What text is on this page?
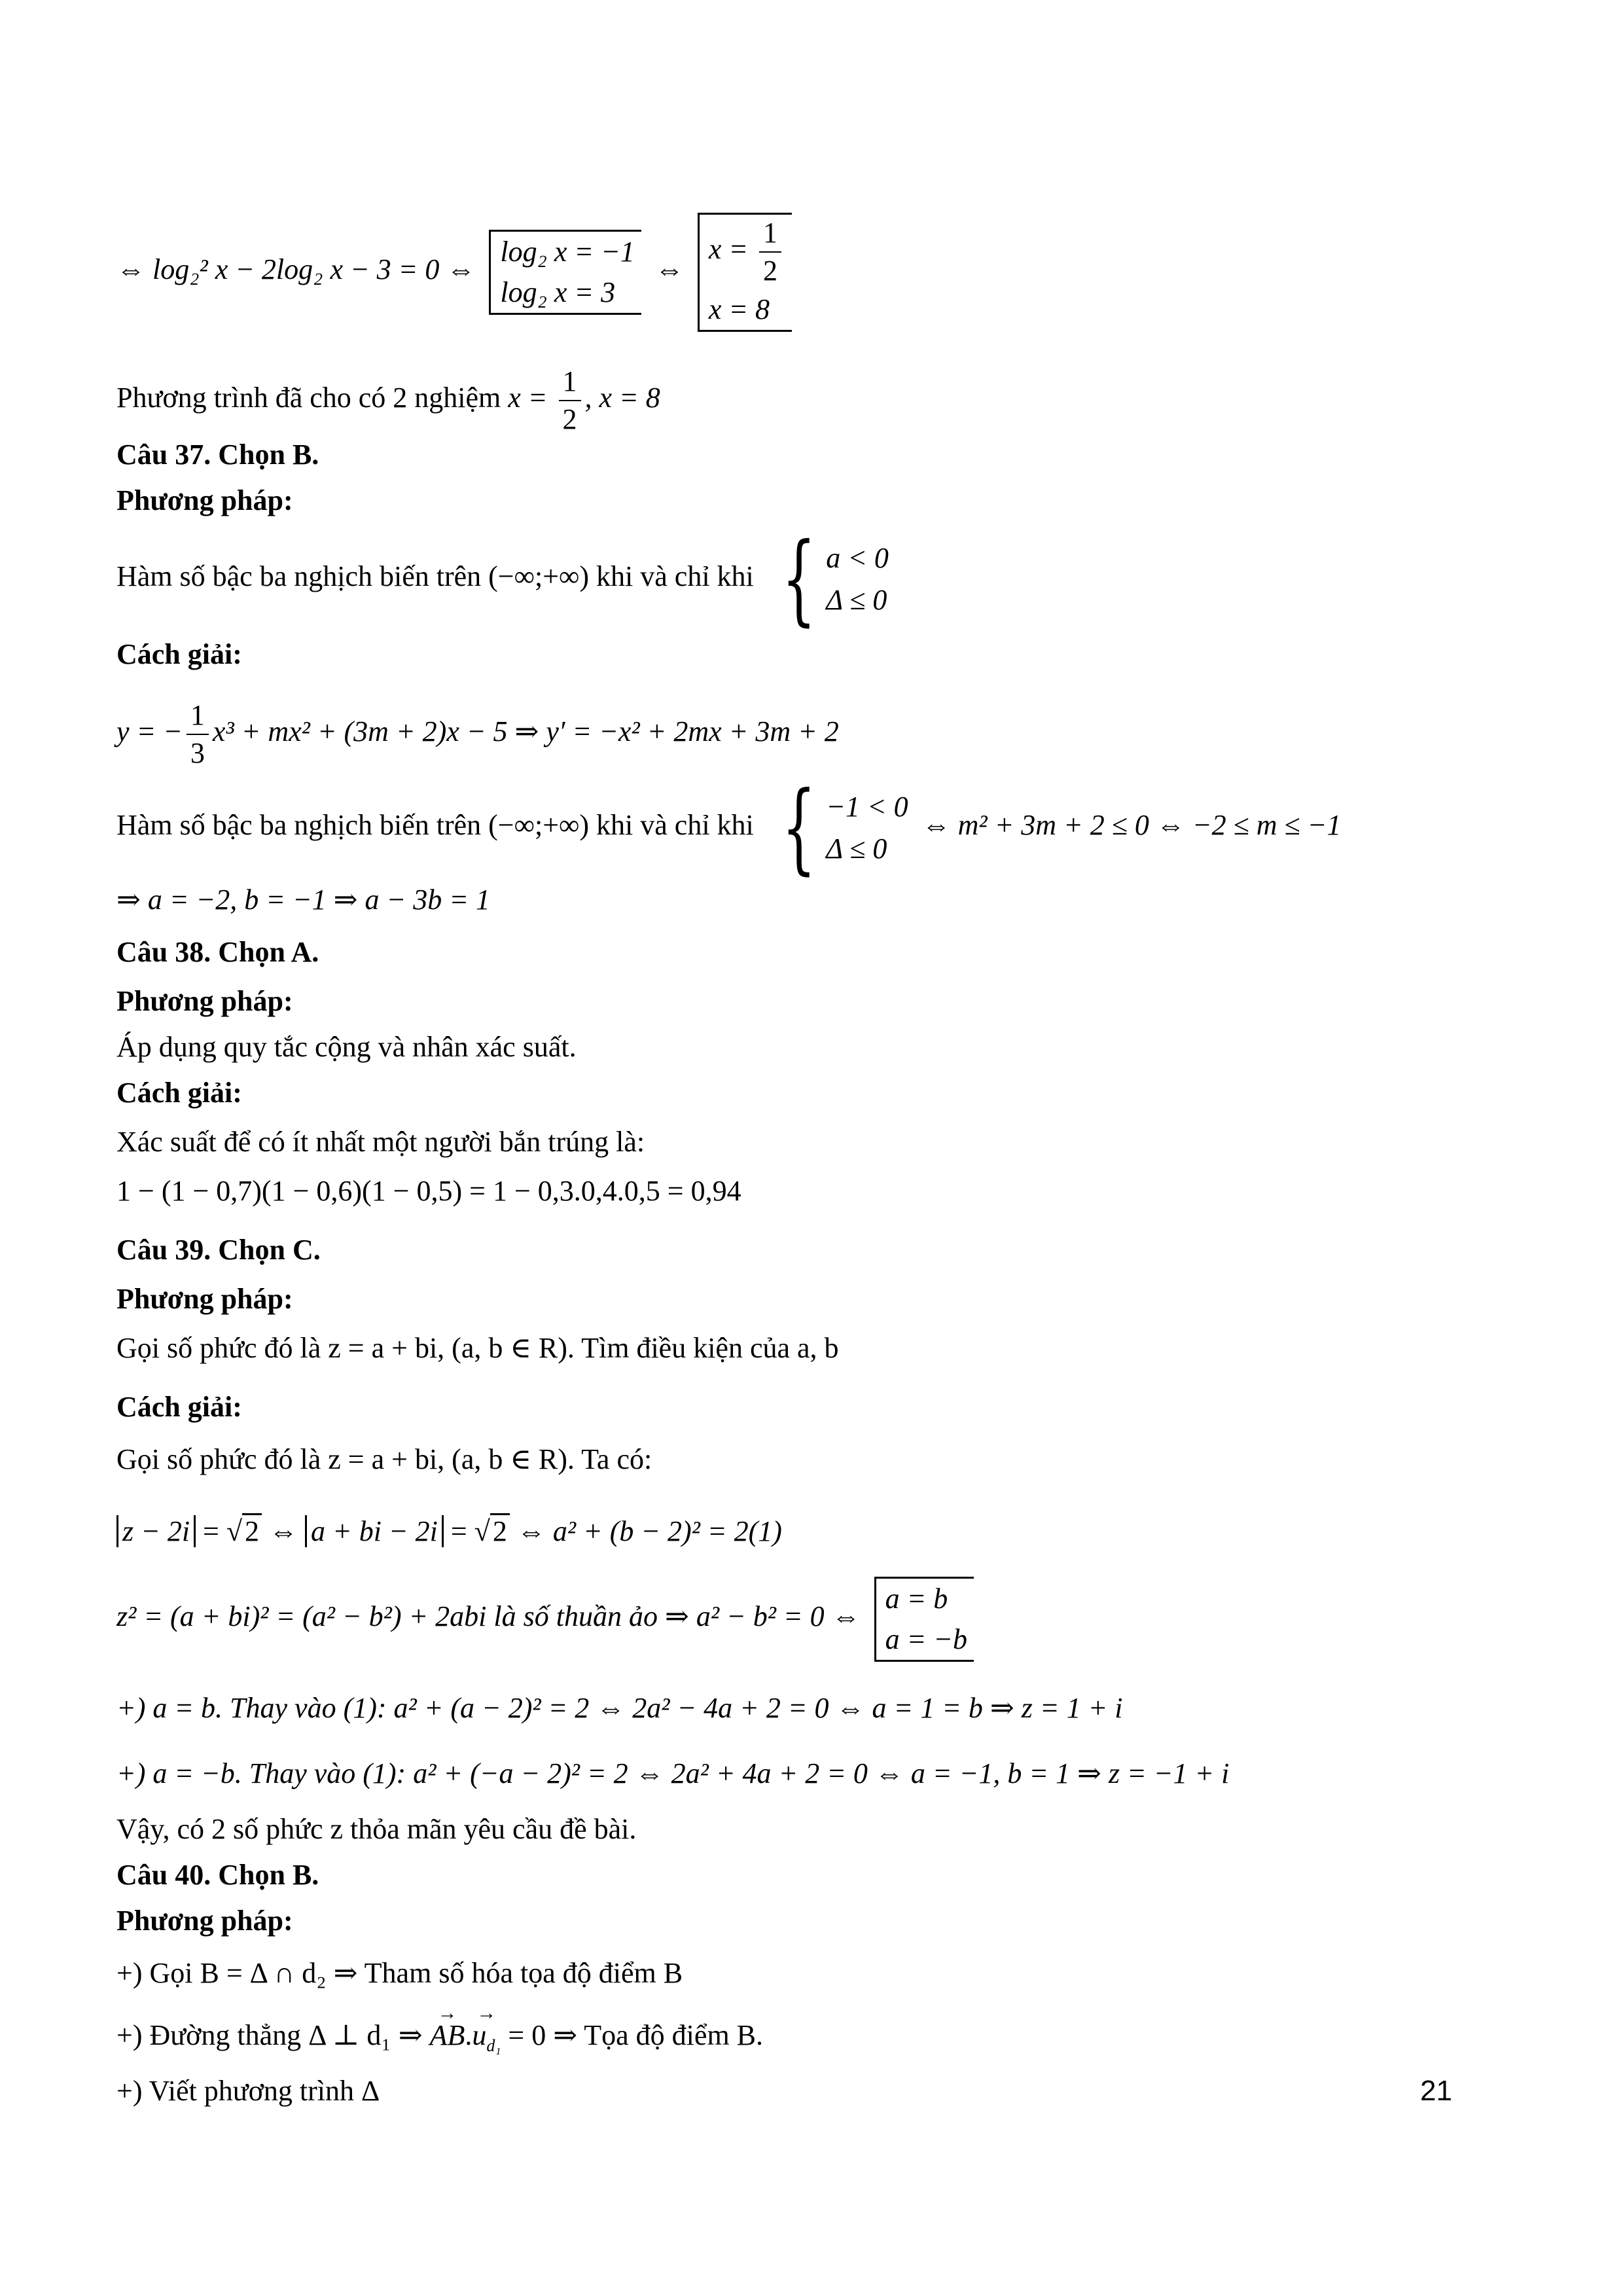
⇔ log₂² x − 2log₂ x − 3 = 0 ⇔
log₂ x = −1
log₂ x = 3
⇔
$x = \frac{1}{2}$
x = 8
Phương trình đã cho có 2 nghiệm $x = \frac{1}{2}$ , x = 8
Câu 37. Chọn B.
Phương pháp:
Hàm số bậc ba nghịch biến trên (−∞;+∞) khi và chỉ khi { a < 0
Δ ≤ 0
Cách giải:
y = − $\frac{1}{3} x^3 + mx^2 + (3m + 2)x - 5$ ⇒ y′ = −x² + 2mx + 3m + 2
Hàm số bậc ba nghịch biến trên (−∞;+∞) khi và chỉ khi { −1 < 0
Δ ≤ 0
⇔ m² + 3m + 2 ≤ 0 ⇔ −2 ≤ m ≤ −1
⇒ a = −2, b = −1 ⇒ a − 3b = 1
Câu 38. Chọn A.
Phương pháp:
Áp dụng quy tắc cộng và nhân xác suất.
Cách giải:
Xác suất để có ít nhất một người bắn trúng là:
1 − (1 − 0,7)(1 − 0,6)(1 − 0,5) = 1 − 0,3.0,4.0,5 = 0,94
Câu 39. Chọn C.
Phương pháp:
Gọi số phức đó là z = a + bi, (a, b ∈ R). Tìm điều kiện của a, b
Cách giải:
Gọi số phức đó là z = a + bi, (a, b ∈ R). Ta có:
z − 2i = √2 ⇔ a + bi − 2i = √2 ⇔ a² + (b − 2)² = 2(1)
z² = (a + bi)² = (a² − b²) + 2abi là số thuần ảo ⇒ a² − b² = 0 ⇔
a = b
a = −b
+) a = b. Thay vào (1): a² + (a − 2)² = 2 ⇔ 2a² − 4a + 2 = 0 ⇔ a = 1 = b ⇒ z = 1 + i
+) a = −b. Thay vào (1): a² + (−a − 2)² = 2 ⇔ 2a² + 4a + 2 = 0 ⇔ a = −1, b = 1 ⇒ z = −1 + i
Vậy, có 2 số phức z thỏa mãn yêu cầu đề bài.
Câu 40. Chọn B.
Phương pháp:
+) Gọi B = Δ ∩ d₂ ⇒ Tham số hóa tọa độ điểm B
+) Đường thẳng Δ ⊥ d₁ ⇒ → $AB.\to u_{d_1} = 0$ ⇒ Tọa độ điểm B.
+) Viết phương trình Δ	21
